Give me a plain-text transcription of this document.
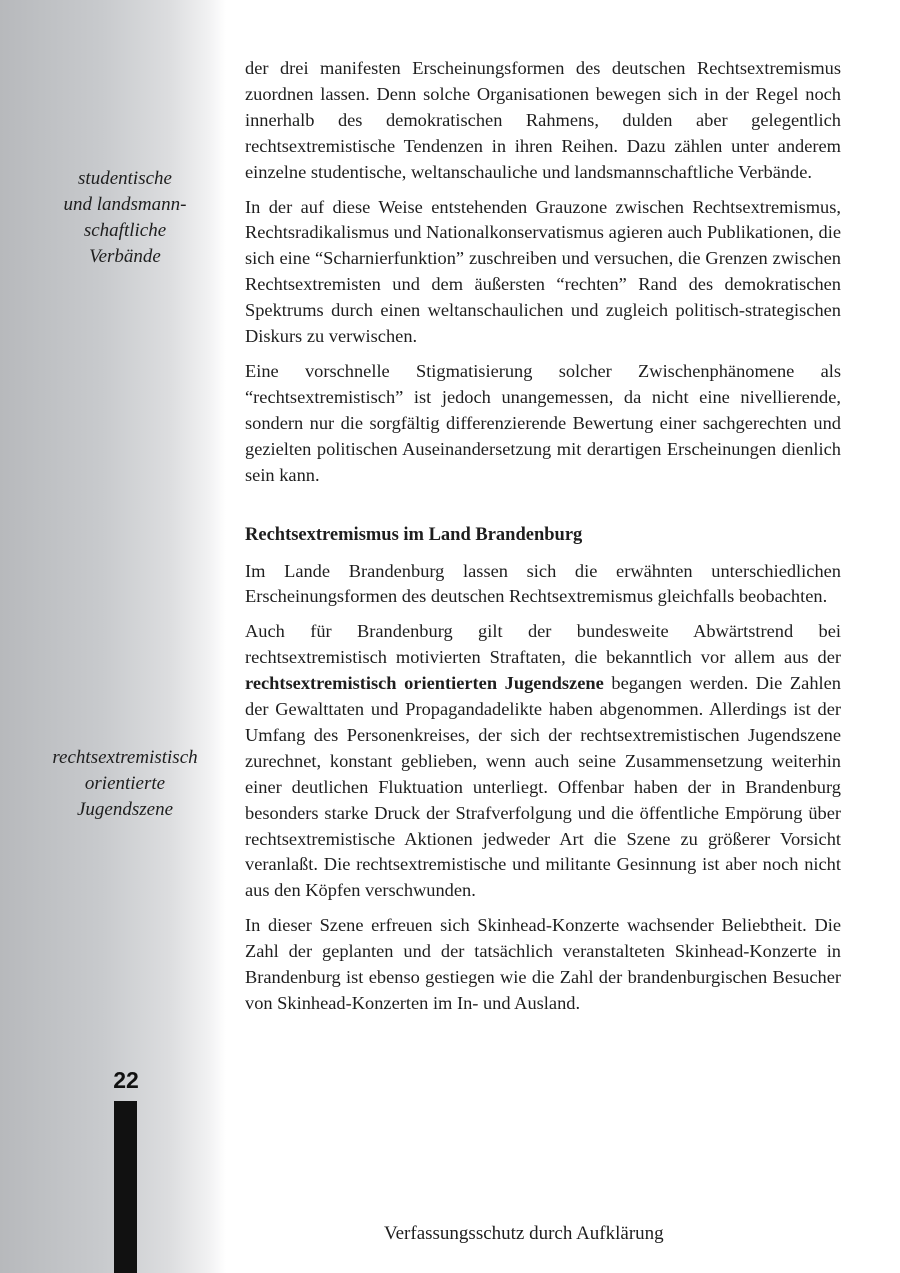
studentische
und landsmann-
schaftliche
Verbände
rechtsextremistisch
orientierte
Jugendszene
22

der drei manifesten Erscheinungsformen des deutschen Rechtsextremismus zuordnen lassen. Denn solche Organisationen bewegen sich in der Regel noch innerhalb des demokratischen Rahmens, dulden aber gelegentlich rechtsextremistische Tendenzen in ihren Reihen. Dazu zählen unter anderem einzelne studentische, weltanschauliche und landsmannschaftliche Verbände.

In der auf diese Weise entstehenden Grauzone zwischen Rechtsextremismus, Rechtsradikalismus und Nationalkonservatismus agieren auch Publikationen, die sich eine “Scharnierfunktion” zuschreiben und versuchen, die Grenzen zwischen Rechtsextremisten und dem äußersten “rechten” Rand des demokratischen Spektrums durch einen weltanschaulichen und zugleich politisch-strategischen Diskurs zu verwischen.

Eine vorschnelle Stigmatisierung solcher Zwischenphänomene als “rechtsextremistisch” ist jedoch unangemessen, da nicht eine nivellierende, sondern nur die sorgfältig differenzierende Bewertung einer sachgerechten und gezielten politischen Auseinandersetzung mit derartigen Erscheinungen dienlich sein kann.

Rechtsextremismus im Land Brandenburg

Im Lande Brandenburg lassen sich die erwähnten unterschiedlichen Erscheinungsformen des deutschen Rechtsextremismus gleichfalls beobachten.

Auch für Brandenburg gilt der bundesweite Abwärtstrend bei rechtsextremistisch motivierten Straftaten, die bekanntlich vor allem aus der rechtsextremistisch orientierten Jugendszene begangen werden. Die Zahlen der Gewalttaten und Propagandadelikte haben abgenommen. Allerdings ist der Umfang des Personenkreises, der sich der rechtsextremistischen Jugendszene zurechnet, konstant geblieben, wenn auch seine Zusammensetzung weiterhin einer deutlichen Fluktuation unterliegt. Offenbar haben der in Brandenburg besonders starke Druck der Strafverfolgung und die öffentliche Empörung über rechtsextremistische Aktionen jedweder Art die Szene zu größerer Vorsicht veranlaßt. Die rechtsextremistische und militante Gesinnung ist aber noch nicht aus den Köpfen verschwunden.

In dieser Szene erfreuen sich Skinhead-Konzerte wachsender Beliebtheit. Die Zahl der geplanten und der tatsächlich veranstalteten Skinhead-Konzerte in Brandenburg ist ebenso gestiegen wie die Zahl der brandenburgischen Besucher von Skinhead-Konzerten im In- und Ausland.

Verfassungsschutz durch Aufklärung
